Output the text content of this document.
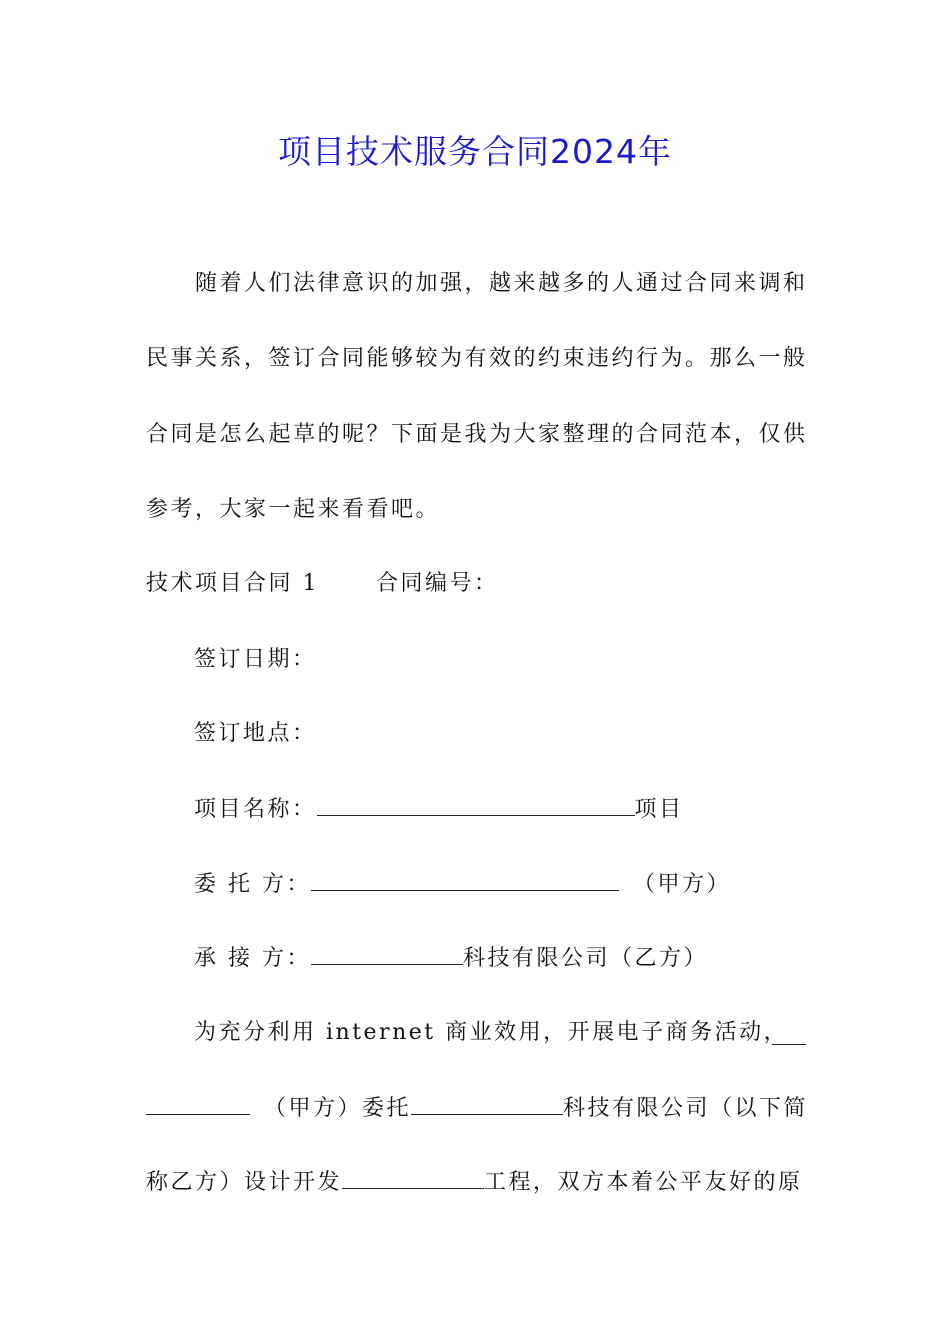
项目技术服务合同2024年
随着人们法律意识的加强，越来越多的人通过合同来调和
民事关系，签订合同能够较为有效的约束违约行为。那么一般
合同是怎么起草的呢？下面是我为大家整理的合同范本，仅供
参考，大家一起来看看吧。
技术项目合同 1	合同编号：
签订日期：
签订地点：
项目名称：	项目
委 托 方：	（甲方）
承 接 方：	科技有限公司（乙方）
为充分利用 internet 商业效用，开展电子商务活动，
（甲方）委托	科技有限公司（以下简
称乙方）设计开发	工程，双方本着公平友好的原
